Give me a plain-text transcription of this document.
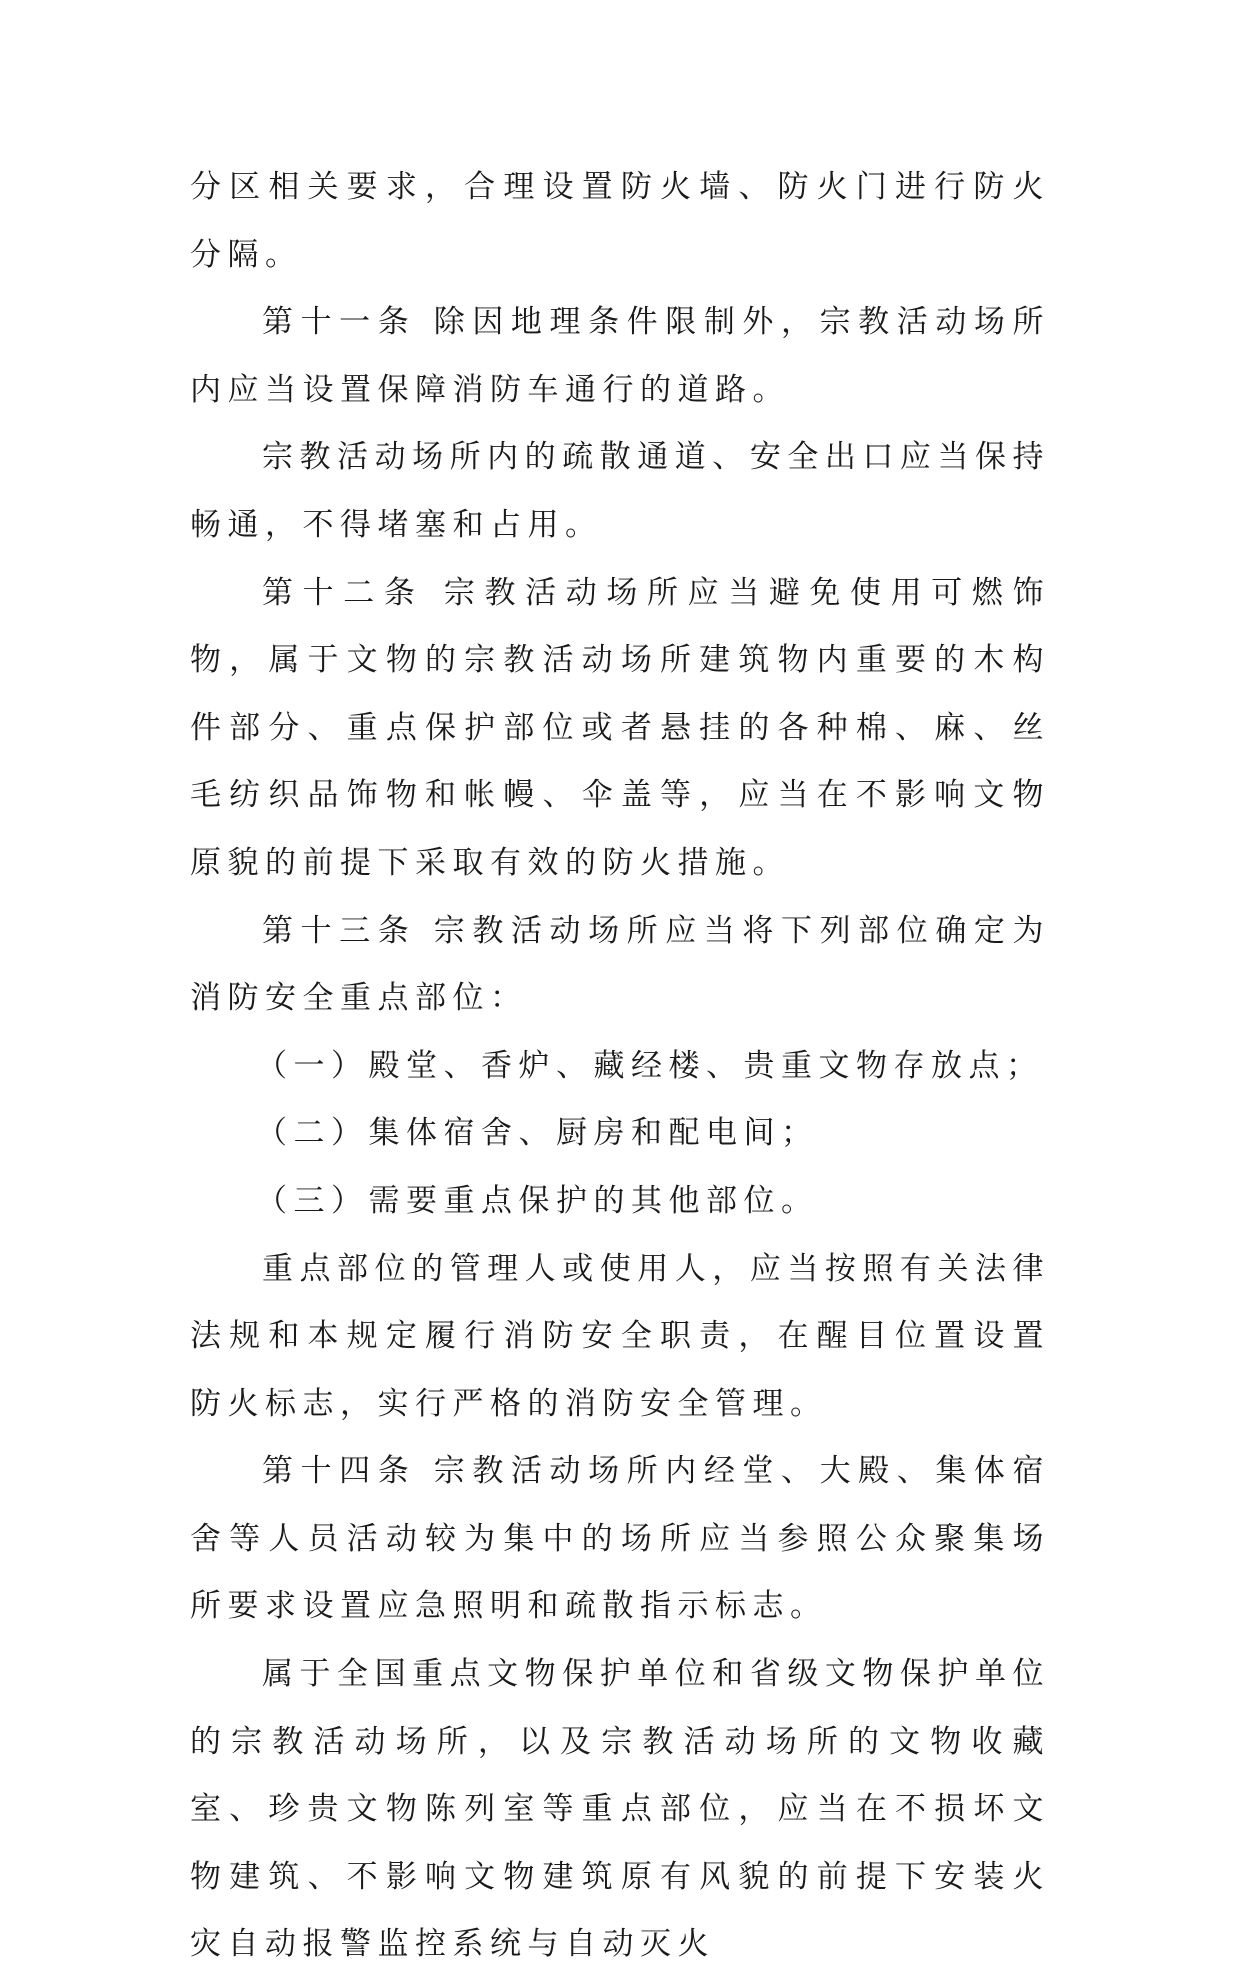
分区相关要求，合理设置防火墙、防火门进行防火分隔。

第十一条 除因地理条件限制外，宗教活动场所内应当设置保障消防车通行的道路。

宗教活动场所内的疏散通道、安全出口应当保持畅通，不得堵塞和占用。

第十二条 宗教活动场所应当避免使用可燃饰物，属于文物的宗教活动场所建筑物内重要的木构件部分、重点保护部位或者悬挂的各种棉、麻、丝毛纺织品饰物和帐幔、伞盖等，应当在不影响文物原貌的前提下采取有效的防火措施。

第十三条 宗教活动场所应当将下列部位确定为消防安全重点部位：

（一）殿堂、香炉、藏经楼、贵重文物存放点；

（二）集体宿舍、厨房和配电间；

（三）需要重点保护的其他部位。

重点部位的管理人或使用人，应当按照有关法律法规和本规定履行消防安全职责，在醒目位置设置防火标志，实行严格的消防安全管理。

第十四条 宗教活动场所内经堂、大殿、集体宿舍等人员活动较为集中的场所应当参照公众聚集场所要求设置应急照明和疏散指示标志。

属于全国重点文物保护单位和省级文物保护单位的宗教活动场所，以及宗教活动场所的文物收藏室、珍贵文物陈列室等重点部位，应当在不损坏文物建筑、不影响文物建筑原有风貌的前提下安装火灾自动报警监控系统与自动灭火
